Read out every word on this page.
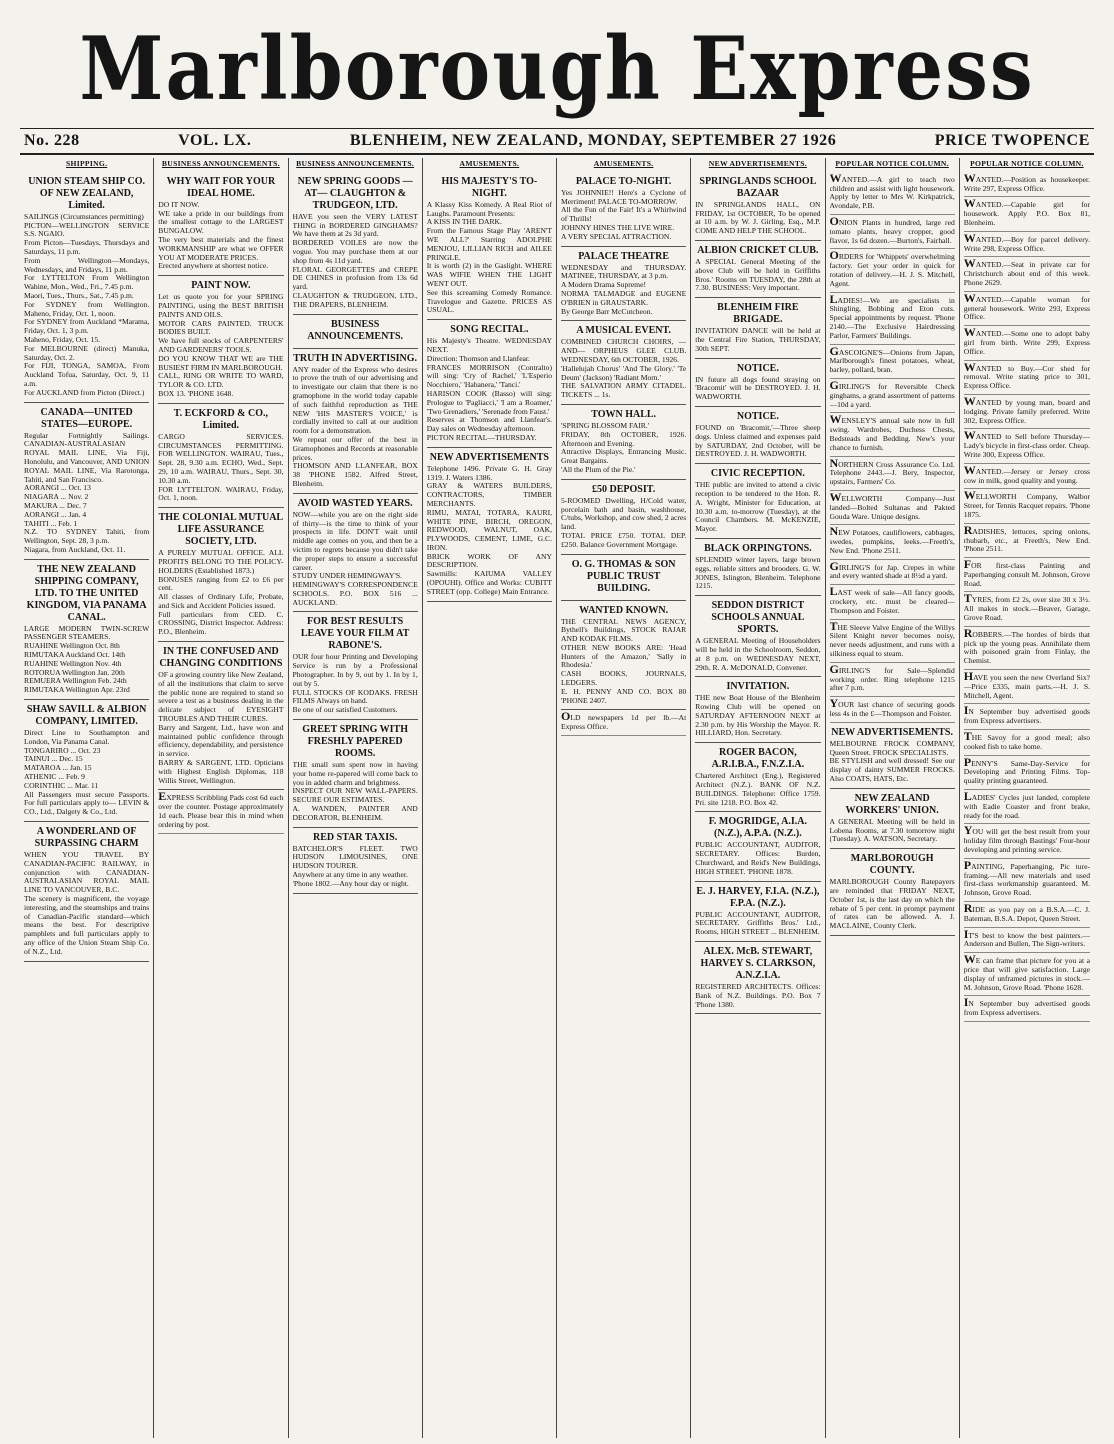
Marlborough Express
No. 228	VOL. LX.	BLENHEIM, NEW ZEALAND, MONDAY, SEPTEMBER 27 1926	PRICE TWOPENCE
SHIPPING.
UNION STEAM SHIP CO. OF NEW ZEALAND, Limited.
SAILINGS (Circumstances permitting)
PICTON—WELLINGTON SERVICE S.S. NGAIO.
From Picton—Tuesdays, Thursdays and Saturdays, 11 p.m.
From Wellington—Mondays, Wednesdays, and Fridays, 11 p.m.
For LYTTELTON From Wellington Wahine, Mon., Wed., Fri., 7.45 p.m.
Maori, Tues., Thurs., Sat., 7.45 p.m.
For SYDNEY from Wellington. Maheno, Friday, Oct. 1, noon.
For SYDNEY from Auckland *Marama, Friday, Oct. 1, 3 p.m.
Maheno, Friday, Oct. 15.
For MELBOURNE (direct) Manuka, Saturday, Oct. 2.
For FIJI, TONGA, SAMOA, From Auckland Tofua, Saturday, Oct. 9, 11 a.m.
For AUCKLAND from Picton (Direct.)
CANADA—UNITED STATES—EUROPE.
Regular Fortnightly Sailings. CANADIAN-AUSTRALASIAN ROYAL MAIL LINE, Via Fiji, Honolulu, and Vancouver, AND UNION ROYAL MAIL LINE, Via Rarotonga, Tahiti, and San Francisco.
AORANGI ... Oct. 13
NIAGARA ... Nov. 2
MAKURA ... Dec. 7
AORANGI ... Jan. 4
TAHITI ... Feb. 1
N.Z. TO SYDNEY Tahiti, from Wellington, Sept. 28, 3 p.m.
Niagara, from Auckland, Oct. 11.
THE NEW ZEALAND SHIPPING COMPANY, LTD. TO THE UNITED KINGDOM, VIA PANAMA CANAL.
LARGE MODERN TWIN-SCREW PASSENGER STEAMERS.
RUAHINE Wellington Oct. 8th
RIMUTAKA Auckland Oct. 14th
RUAHINE Wellington Nov. 4th
ROTORUA Wellington Jan. 20th
REMUERA Wellington Feb. 24th
RIMUTAKA Wellington Apr. 23rd
SHAW SAVILL & ALBION COMPANY, LIMITED.
Direct Line to Southampton and London, Via Panama Canal.
TONGARIRO ... Oct. 23
TAINUI ... Dec. 15
MATAROA ... Jan. 15
ATHENIC ... Feb. 9
CORINTHIC ... Mar. 11
All Passengers must secure Passports. For full particulars apply to— LEVIN & CO., Ltd., Dalgety & Co., Ltd.
A WONDERLAND OF SURPASSING CHARM
WHEN YOU TRAVEL BY CANADIAN-PACIFIC RAILWAY, in conjunction with CANADIAN-AUSTRALASIAN ROYAL MAIL LINE TO VANCOUVER, B.C.
The scenery is magnificent, the voyage interesting, and the steamships and trains of Canadian-Pacific standard—which means the best. For descriptive pamphlets and full particulars apply to any office of the Union Steam Ship Co. of N.Z., Ltd.
BUSINESS ANNOUNCEMENTS.
WHY WAIT FOR YOUR IDEAL HOME.
DO IT NOW.
WE take a pride in our buildings from the smallest cottage to the LARGEST BUNGALOW.
The very best materials and the finest WORKMANSHIP are what we OFFER YOU AT MODERATE PRICES.
Erected anywhere at shortest notice.
PAINT NOW.
Let us quote you for your SPRING PAINTING, using the BEST BRITISH PAINTS AND OILS.
MOTOR CARS PAINTED. TRUCK BODIES BUILT.
We have full stocks of CARPENTERS' AND GARDENERS' TOOLS.
DO YOU KNOW THAT WE are THE BUSIEST FIRM IN MARLBOROUGH.
CALL, RING OR WRITE TO WARD, TYLOR & CO. LTD.
BOX 13. 'PHONE 1648.
T. ECKFORD & CO., Limited.
CARGO SERVICES. CIRCUMSTANCES PERMITTING. FOR WELLINGTON. WAIRAU, Tues., Sept. 28, 9.30 a.m. ECHO, Wed., Sept. 29, 10 a.m. WAIRAU, Thurs., Sept. 30, 10.30 a.m.
FOR LYTTELTON. WAIRAU, Friday, Oct. 1, noon.
THE COLONIAL MUTUAL LIFE ASSURANCE SOCIETY, LTD.
A PURELY MUTUAL OFFICE. ALL PROFITS BELONG TO THE POLICY-HOLDERS (Established 1873.)
BONUSES ranging from £2 to £6 per cent.
All classes of Ordinary Life, Probate, and Sick and Accident Policies issued.
Full particulars from CED. C. CROSSING, District Inspector. Address: P.O., Blenheim.
IN THE CONFUSED AND CHANGING CONDITIONS
OF a growing country like New Zealand, of all the institutions that claim to serve the public none are required to stand so severe a test as a business dealing in the delicate subject of EYESIGHT TROUBLES AND THEIR CURES.
Barry and Sargent, Ltd., have won and maintained public confidence through efficiency, dependability, and persistence in service.
BARRY & SARGENT, LTD. Opticians with Highest English Diplomas, 118 Willis Street, Wellington.
EXPRESS Scribbling Pads cost 6d each over the counter. Postage approximately 1d each. Please bear this in mind when ordering by post.
BUSINESS ANNOUNCEMENTS.
NEW SPRING GOODS —AT— CLAUGHTON & TRUDGEON, LTD.
HAVE you seen the VERY LATEST THING in BORDERED GINGHAMS? We have them at 2s 3d yard.
BORDERED VOILES are now the vogue. You may purchase them at our shop from 4s 11d yard.
FLORAL GEORGETTES and CREPE DE CHINES in profusion from 13s 6d yard.
CLAUGHTON & TRUDGEON, LTD., THE DRAPERS, BLENHEIM.
BUSINESS ANNOUNCEMENTS.
TRUTH IN ADVERTISING.
ANY reader of the Express who desires to prove the truth of our advertising and to investigate our claim that there is no gramophone in the world today capable of such faithful reproduction as THE NEW 'HIS MASTER'S VOICE,' is cordially invited to call at our audition room for a demonstration.
We repeat our offer of the best in Gramophones and Records at reasonable prices.
THOMSON AND LLANFEAR, BOX 38 'PHONE 1582. Alfred Street, Blenheim.
AVOID WASTED YEARS.
NOW—while you are on the right side of thirty—is the time to think of your prospects in life. DON'T wait until middle age comes on you, and then be a victim to regrets because you didn't take the proper steps to ensure a successful career.
STUDY UNDER HEMINGWAY'S.
HEMINGWAY'S CORRESPONDENCE SCHOOLS. P.O. BOX 516 ... AUCKLAND.
FOR BEST RESULTS LEAVE YOUR FILM AT RABONE'S.
OUR four hour Printing and Developing Service is run by a Professional Photographer. In by 9, out by 1. In by 1, out by 5.
FULL STOCKS OF KODAKS. FRESH FILMS Always on hand.
Be one of our satisfied Customers.
GREET SPRING WITH FRESHLY PAPERED ROOMS.
THE small sum spent now in having your home re-papered will come back to you in added charm and brightness.
INSPECT OUR NEW WALL-PAPERS. SECURE OUR ESTIMATES.
A. WANDEN, PAINTER AND DECORATOR, BLENHEIM.
RED STAR TAXIS.
BATCHELOR'S FLEET. TWO HUDSON LIMOUSINES, ONE HUDSON TOURER.
Anywhere at any time in any weather.
'Phone 1802.—Any hour day or night.
AMUSEMENTS.
HIS MAJESTY'S TO-NIGHT.
A Klassy Kiss Komedy. A Real Riot of Laughs. Paramount Presents:
A KISS IN THE DARK.
From the Famous Stage Play 'AREN'T WE ALL?' Starring ADOLPHE MENJOU, LILLIAN RICH and AILEE PRINGLE.
It is worth (2) in the Gaslight. WHERE WAS WIFIE WHEN THE LIGHT WENT OUT.
See this screaming Comedy Romance. Travelogue and Gazette. PRICES AS USUAL.
SONG RECITAL.
His Majesty's Theatre. WEDNESDAY NEXT.
Direction: Thomson and Llanfear.
FRANCES MORRISON (Contralto) will sing: 'Cry of Rachel,' 'L'Esperio Nocchiero,' 'Habanera,' 'Tanci.'
HARISON COOK (Basso) will sing: Prologue to 'Pagliacci,' 'I am a Roamer,' 'Two Grenadiers,' 'Serenade from Faust.'
Reserves at Thomson and Llanfear's. Day sales on Wednesday afternoon.
PICTON RECITAL—THURSDAY.
NEW ADVERTISEMENTS
Telephone 1496. Private G. H. Gray 1319. J. Waters 1386.
GRAY & WATERS BUILDERS, CONTRACTORS, TIMBER MERCHANTS.
RIMU, MATAI, TOTARA, KAURI, WHITE PINE, BIRCH, OREGON, REDWOOD, WALNUT, OAK, PLYWOODS, CEMENT, LIME, G.C. IRON.
BRICK WORK OF ANY DESCRIPTION.
Sawmills: KAIUMA VALLEY (OPOUHI). Office and Works: CUBITT STREET (opp. College) Main Entrance.
AMUSEMENTS.
PALACE TO-NIGHT.
Yes JOHNNIE!! Here's a Cyclone of Merriment! PALACE TO-MORROW.
All the Fun of the Fair! It's a Whirlwind of Thrills!
JOHNNY HINES THE LIVE WIRE.
A VERY SPECIAL ATTRACTION.
PALACE THEATRE
WEDNESDAY and THURSDAY. MATINEE, THURSDAY, at 3 p.m.
A Modern Drama Supreme!
NORMA TALMADGE and EUGENE O'BRIEN in GRAUSTARK.
By George Barr McCutcheon.
A MUSICAL EVENT.
COMBINED CHURCH CHOIRS, —AND— ORPHEUS GLEE CLUB. WEDNESDAY, 6th OCTOBER, 1926.
'Hallelujah Chorus' 'And The Glory.' 'Te Deum' (Jackson) 'Radiant Morn.'
THE SALVATION ARMY CITADEL. TICKETS ... 1s.
TOWN HALL.
'SPRING BLOSSOM FAIR.'
FRIDAY, 8th OCTOBER, 1926. Afternoon and Evening.
Attractive Displays, Entrancing Music. Great Bargains.
'All the Plum of the Pie.'
£50 DEPOSIT.
5-ROOMED Dwelling, H/Cold water, porcelain bath and basin, washhouse, C/tubs, Workshop, and cow shed, 2 acres land.
TOTAL PRICE £750. TOTAL DEP. £250. Balance Government Mortgage.
O. G. THOMAS & SON PUBLIC TRUST BUILDING.
WANTED KNOWN.
THE CENTRAL NEWS AGENCY, Bythell's Buildings, STOCK RAJAR AND KODAK FILMS.
OTHER NEW BOOKS ARE: 'Head Hunters of the Amazon,' 'Sally in Rhodesia.'
CASH BOOKS, JOURNALS, LEDGERS.
E. H. PENNY AND CO. BOX 80 'PHONE 2407.
OLD newspapers 1d per lb.—At Express Office.
NEW ADVERTISEMENTS.
SPRINGLANDS SCHOOL BAZAAR
IN SPRINGLANDS HALL, ON FRIDAY, 1st OCTOBER, To be opened at 10 a.m. by W. J. Girling, Esq., M.P. COME AND HELP THE SCHOOL.
ALBION CRICKET CLUB.
A SPECIAL General Meeting of the above Club will be held in Griffiths Bros.' Rooms on TUESDAY, the 28th at 7.30. BUSINESS: Very important.
BLENHEIM FIRE BRIGADE.
INVITATION DANCE will be held at the Central Fire Station, THURSDAY, 30th SEPT.
NOTICE.
IN future all dogs found straying on 'Bracomit' will be DESTROYED. J. H. WADWORTH.
NOTICE.
FOUND on 'Bracomit,'—Three sheep dogs. Unless claimed and expenses paid by SATURDAY, 2nd October, will be DESTROYED. J. H. WADWORTH.
CIVIC RECEPTION.
THE public are invited to attend a civic reception to be tendered to the Hon. R. A. Wright, Minister for Education, at 10.30 a.m. to-morrow (Tuesday), at the Council Chambers. M. McKENZIE, Mayor.
BLACK ORPINGTONS.
SPLENDID winter layers, large brown eggs, reliable sitters and brooders. G. W. JONES, Islington, Blenheim. Telephone 1215.
SEDDON DISTRICT SCHOOLS ANNUAL SPORTS.
A GENERAL Meeting of Householders will be held in the Schoolroom, Seddon, at 8 p.m. on WEDNESDAY NEXT, 29th. R. A. McDONALD, Convener.
INVITATION.
THE new Boat House of the Blenheim Rowing Club will be opened on SATURDAY AFTERNOON NEXT at 2.30 p.m. by His Worship the Mayor. R. HILLIARD, Hon. Secretary.
ROGER BACON, A.R.I.B.A., F.N.Z.I.A.
Chartered Architect (Eng.), Registered Architect (N.Z.). BANK OF N.Z. BUILDINGS. Telephone: Office 1759. Pri. site 1218. P.O. Box 42.
F. MOGRIDGE, A.I.A. (N.Z.), A.P.A. (N.Z.).
PUBLIC ACCOUNTANT, AUDITOR, SECRETARY. Offices: Burden, Churchward, and Reid's New Buildings, HIGH STREET. 'PHONE 1878.
E. J. HARVEY, F.I.A. (N.Z.), F.P.A. (N.Z.).
PUBLIC ACCOUNTANT, AUDITOR, SECRETARY. Griffiths Bros.' Ltd., Rooms, HIGH STREET ... BLENHEIM.
ALEX. McB. STEWART, HARVEY S. CLARKSON, A.N.Z.I.A.
REGISTERED ARCHITECTS. Offices: Bank of N.Z. Buildings. P.O. Box 7 'Phone 1380.
POPULAR NOTICE COLUMN.
WANTED.—A girl to teach two children and assist with light housework. Apply by letter to Mrs W. Kirkpatrick, Avondale, P.B.
ONION Plants in hundred, large red tomato plants, heavy cropper, good flavor, 1s 6d dozen.—Burton's, Fairhall.
ORDERS for 'Whippets' overwhelming factory. Get your order in quick for rotation of delivery.—H. J. S. Mitchell, Agent.
LADIES!—We are specialists in Shingling, Bobbing and Eton cuts. Special appointments by request. 'Phone 2140.—The Exclusive Hairdressing Parlor, Farmers' Buildings.
GASCOIGNE'S—Onions from Japan, Marlborough's finest potatoes, wheat, barley, pollard, bran.
GIRLING'S for Reversible Check ginghams, a grand assortment of patterns—10d a yard.
WENSLEY'S annual sale now in full swing. Wardrobes, Duchess Chests, Bedsteads and Bedding. New's your chance to furnish.
NORTHERN Cross Assurance Co. Ltd. Telephone 2443.—J. Bery, Inspector, upstairs, Farmers' Co.
WELLWORTH Company—Just landed—Bolted Sultanas and Pakted Gouda Ware. Unique designs.
NEW Potatoes, cauliflowers, cabbages, swedes, pumpkins, leeks.—Freeth's, New End. 'Phone 2511.
GIRLING'S for Jap. Crepes in white and every wanted shade at 8½d a yard.
LAST week of sale—All fancy goods, crockery, etc. must be cleared—Thompson and Foister.
THE Sleeve Valve Engine of the Willys Silent Knight never becomes noisy, never needs adjustment, and runs with a silkiness equal to steam.
GIRLING'S for Sale—Splendid working order. Ring telephone 1215 after 7 p.m.
YOUR last chance of securing goods less 4s in the £—Thompson and Foister.
NEW ADVERTISEMENTS.
MELBOURNE FROCK COMPANY, Queen Street. FROCK SPECIALISTS.
BE STYLISH and well dressed! See our display of dainty SUMMER FROCKS. Also COATS, HATS, Etc.
NEW ZEALAND WORKERS' UNION.
A GENERAL Meeting will be held in Lobena Rooms, at 7.30 tomorrow night (Tuesday). A. WATSON, Secretary.
MARLBOROUGH COUNTY.
MARLBOROUGH County Ratepayers are reminded that FRIDAY NEXT, October 1st, is the last day on which the rebate of 5 per cent. in prompt payment of rates can be allowed. A. J. MACLAINE, County Clerk.
POPULAR NOTICE COLUMN.
WANTED.—Position as housekeeper. Write 297, Express Office.
WANTED.—Capable girl for housework. Apply P.O. Box 81, Blenheim.
WANTED.—Boy for parcel delivery. Write 298, Express Office.
WANTED.—Seat in private car for Christchurch about end of this week. Phone 2629.
WANTED.—Capable woman for general housework. Write 293, Express Office.
WANTED.—Some one to adopt baby girl from birth. Write 299, Express Office.
WANTED to Buy.—Cor shed for removal. Write stating price to 301, Express Office.
WANTED by young man, board and lodging. Private family preferred. Write 302, Express Office.
WANTED to Sell before Thursday—Lady's bicycle in first-class order. Cheap. Write 300, Express Office.
WANTED.—Jersey or Jersey cross cow in milk, good quality and young.
WELLWORTH Company, Walbor Street, for Tennis Racquet repairs. 'Phone 1875.
RADISHES, lettuces, spring onions, rhubarb, etc., at Freeth's, New End. 'Phone 2511.
FOR first-class Painting and Paperhanging consult M. Johnson, Grove Road.
TYRES, from £2 2s, over size 30 x 3½. All makes in stock.—Beaver, Garage, Grove Road.
ROBBERS.—The hordes of birds that pick up the young peas. Annihilate them with poisoned grain from Finlay, the Chemist.
HAVE you seen the new Overland Six?—Price £335, main parts.—H. J. S. Mitchell, Agent.
IN September buy advertised goods from Express advertisers.
THE Savoy for a good meal; also cooked fish to take home.
PENNY'S Same-Day-Service for Developing and Printing Films. Top-quality printing guaranteed.
LADIES' Cycles just landed, complete with Eadie Coaster and front brake, ready for the road.
YOU will get the best result from your holiday film through Bastings' Four-hour developing and printing service.
PAINTING, Paperhanging, Pic ture-framing.—All new materials and used first-class workmanship guaranteed. M. Johnson, Grove Road.
RIDE as you pay on a B.S.A.—C. J. Bateman, B.S.A. Depot, Queen Street.
IT'S best to know the best painters.—Anderson and Bullen, The Sign-writers.
WE can frame that picture for you at a price that will give satisfaction. Large display of unframed pictures in stock.—M. Johnson, Grove Road. 'Phone 1628.
IN September buy advertised goods from Express advertisers.
